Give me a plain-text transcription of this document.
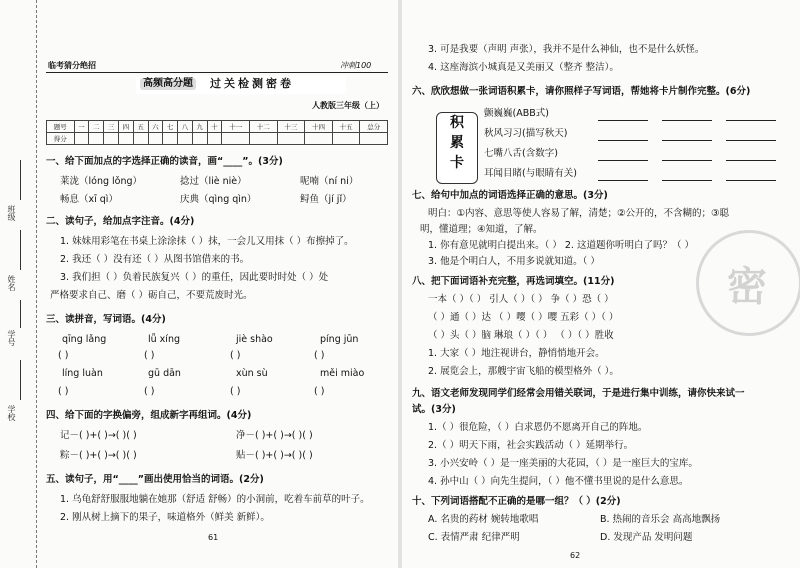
班级
姓名
学号
学校
临考猜分绝招	冲刺100
高频高分题 过关检测密卷
人教版三年级（上）
题号	一	二	三	四	五	六	七	八	九	十	十一	十二	十三	十四	十五	总分
得分																
一、给下面加点的字选择正确的读音，画“____”。(3分)
莱泷（lóng lǒng）	捻过（liè niè）	呢喃（ní ni）
畅息（xī qì）	庆典（qìng qìn）	鲟鱼（jí jǐ）
二、读句子，给加点字注音。(4分)
1. 妹妹用彩笔在书桌上涂涂抹（ ）抹，一会儿又用抹（ ）布擦掉了。
2. 我还（ ）没有还（ ）从图书馆借来的书。
3. 我们担（ ）负着民族复兴（ ）的重任，因此要时时处（ ）处
严格要求自己、磨（ ）砺自己，不要荒废时光。
三、读拼音，写词语。(4分)
qīng lǎng	lǚ xíng	jiè shào	píng jūn
( )	( )	( )	( )
líng luàn	gū dān	xùn sù	měi miào
( )	( )	( )	( )
四、给下面的字换偏旁，组成新字再组词。(4分)
记－( )+( )→( )( )	净－( )+( )→( )( )
粽－( )+( )→( )( )	贴－( )+( )→( )( )
五、读句子，用“____”画出使用恰当的词语。(2分)
1. 乌龟舒舒服服地躺在她那（舒适 舒畅）的小洞前，吃着车前草的叶子。
2. 刚从树上摘下的果子，味道格外（鲜美 新鲜）。
61
3. 可是我要（声明 声张），我并不是什么神仙，也不是什么妖怪。
4. 这座海滨小城真是又美丽又（整齐 整洁）。
六、欣欣想做一张词语积累卡，请你照样子写词语，帮她将卡片制作完整。(6分)
积
累
卡
颤巍巍(ABB式)
秋风习习(描写秋天)
七嘴八舌(含数字)
耳闻目睹(与眼睛有关)
密
七、给句中加点的词语选择正确的意思。(3分)
明白：①内容、意思等使人容易了解，清楚；②公开的，不含糊的；③聪
明，懂道理；④知道，了解。
1. 你有意见就明白提出来。（ ） 2. 这道题你听明白了吗？（ ）
3. 他是个明白人，不用多说就知道。（ ）
八、把下面词语补充完整，再选词填空。(11分)
一本（ ）（ ） 引人（ ）（ ） 争（ ）恐（ ）
（ ）通（ ）达 （ ）嘤（ ）嘤 五彩（ ）（ ）
（ ）头（ ）脑 琳琅（ ）（ ） （ ）（ ）胜收
1. 大家（ ）地注视讲台，静悄悄地开会。
2. 展览会上，那艘宇宙飞船的模型格外（ ）。
九、语文老师发现同学们经常会用错关联词，于是进行集中训练，请你快来试一
试。(3分)
1.（ ）很危险，（ ）白求恩仍不愿离开自己的阵地。
2.（ ）明天下雨，社会实践活动（ ）延期举行。
3. 小兴安岭（ ）是一座美丽的大花园，（ ）是一座巨大的宝库。
4. 孙中山（ ）向先生提问，（ ）他不懂书里说的是什么意思。
十、下列词语搭配不正确的是哪一组？（ ）(2分)
A. 名贵的药材 婉转地歌唱	B. 热闹的音乐会 高高地飘扬
C. 表情严肃 纪律严明	D. 发现产品 发明问题
62
